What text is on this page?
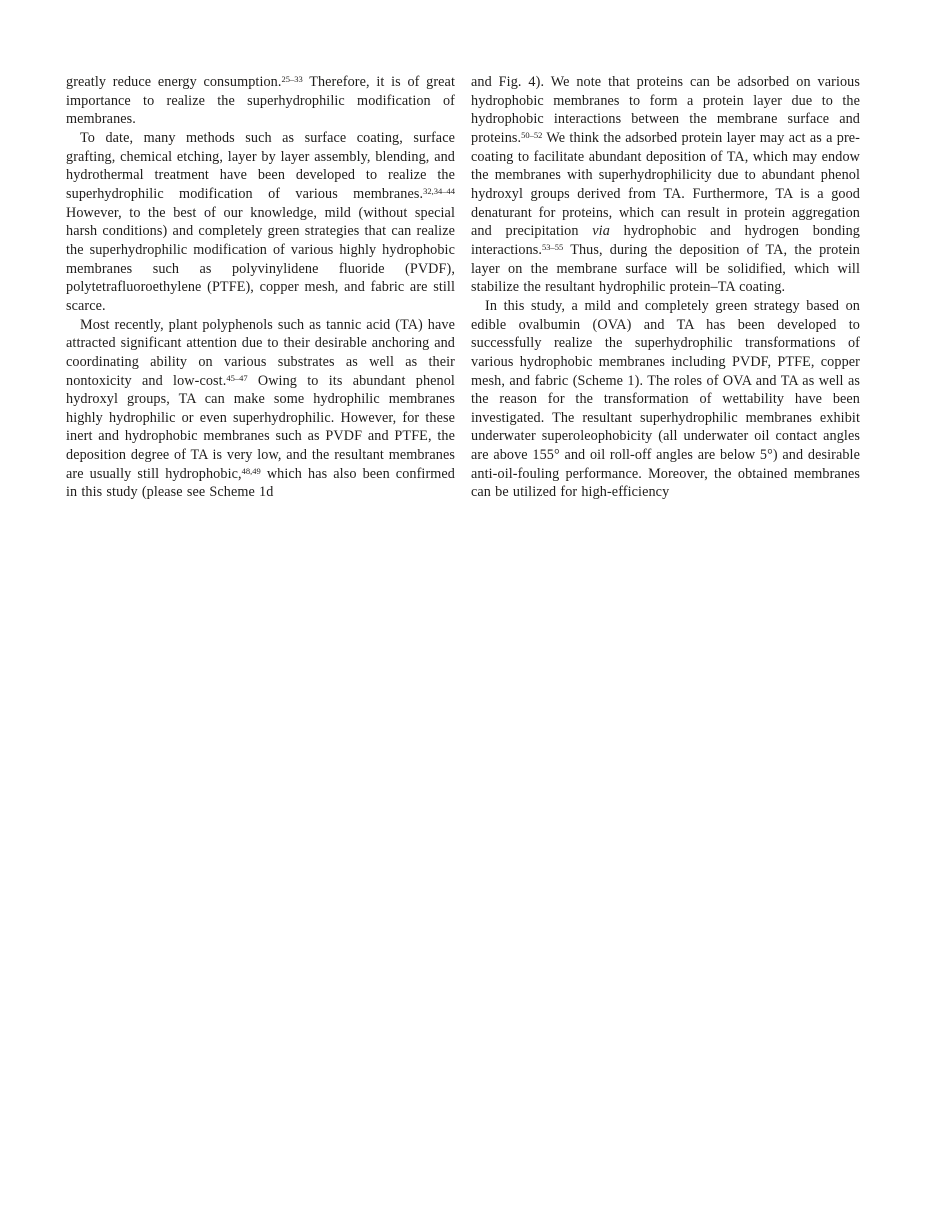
greatly reduce energy consumption.$^{25-33}$ Therefore, it is of great importance to realize the superhydrophilic modification of membranes.

To date, many methods such as surface coating, surface grafting, chemical etching, layer by layer assembly, blending, and hydrothermal treatment have been developed to realize the superhydrophilic modification of various membranes.$^{32,34-44}$ However, to the best of our knowledge, mild (without special harsh conditions) and completely green strategies that can realize the superhydrophilic modification of various highly hydrophobic membranes such as polyvinylidene fluoride (PVDF), polytetrafluoroethylene (PTFE), copper mesh, and fabric are still scarce.

Most recently, plant polyphenols such as tannic acid (TA) have attracted significant attention due to their desirable anchoring and coordinating ability on various substrates as well as their nontoxicity and low-cost.$^{45-47}$ Owing to its abundant phenol hydroxyl groups, TA can make some hydrophilic membranes highly hydrophilic or even superhydrophilic. However, for these inert and hydrophobic membranes such as PVDF and PTFE, the deposition degree of TA is very low, and the resultant membranes are usually still hydrophobic,$^{48,49}$ which has also been confirmed in this study (please see Scheme 1d

and Fig. 4). We note that proteins can be adsorbed on various hydrophobic membranes to form a protein layer due to the hydrophobic interactions between the membrane surface and proteins.$^{50-52}$ We think the adsorbed protein layer may act as a pre-coating to facilitate abundant deposition of TA, which may endow the membranes with superhydrophilicity due to abundant phenol hydroxyl groups derived from TA. Furthermore, TA is a good denaturant for proteins, which can result in protein aggregation and precipitation via hydrophobic and hydrogen bonding interactions.$^{53-55}$ Thus, during the deposition of TA, the protein layer on the membrane surface will be solidified, which will stabilize the resultant hydrophilic protein–TA coating.

In this study, a mild and completely green strategy based on edible ovalbumin (OVA) and TA has been developed to successfully realize the superhydrophilic transformations of various hydrophobic membranes including PVDF, PTFE, copper mesh, and fabric (Scheme 1). The roles of OVA and TA as well as the reason for the transformation of wettability have been investigated. The resultant superhydrophilic membranes exhibit underwater superoleophobicity (all underwater oil contact angles are above 155° and oil roll-off angles are below 5°) and desirable anti-oil-fouling performance. Moreover, the obtained membranes can be utilized for high-efficiency
